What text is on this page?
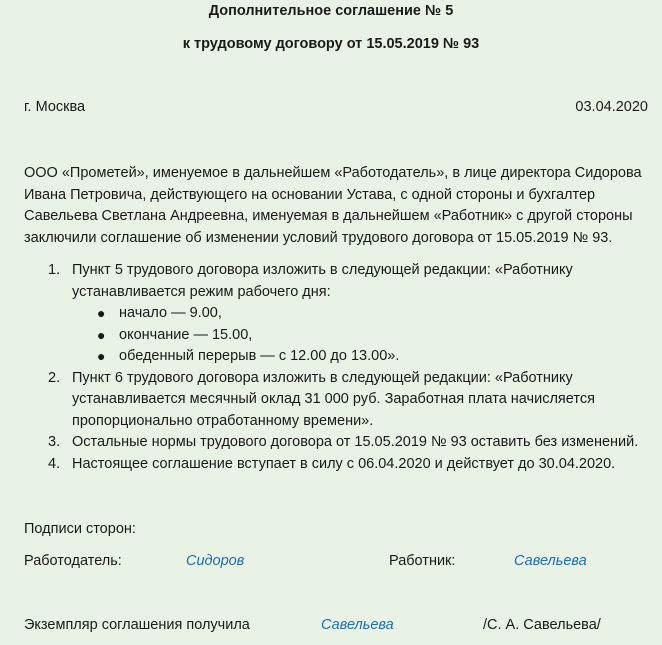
Дополнительное соглашение № 5
к трудовому договору от 15.05.2019 № 93
г. Москва	03.04.2020
ООО «Прометей», именуемое в дальнейшем «Работодатель», в лице директора Сидорова Ивана Петровича, действующего на основании Устава, с одной стороны и бухгалтер Савельева Светлана Андреевна, именуемая в дальнейшем «Работник» с другой стороны заключили соглашение об изменении условий трудового договора от 15.05.2019 № 93.
1. Пункт 5 трудового договора изложить в следующей редакции: «Работнику устанавливается режим рабочего дня:
● начало — 9.00,
● окончание — 15.00,
● обеденный перерыв — с 12.00 до 13.00».
2. Пункт 6 трудового договора изложить в следующей редакции: «Работнику устанавливается месячный оклад 31 000 руб. Заработная плата начисляется пропорционально отработанному времени».
3. Остальные нормы трудового договора от 15.05.2019 № 93 оставить без изменений.
4. Настоящее соглашение вступает в силу с 06.04.2020 и действует до 30.04.2020.
Подписи сторон:
Работодатель:	Сидоров	Работник:	Савельева
Экземпляр соглашения получила	Савельева	/С. А. Савельева/
